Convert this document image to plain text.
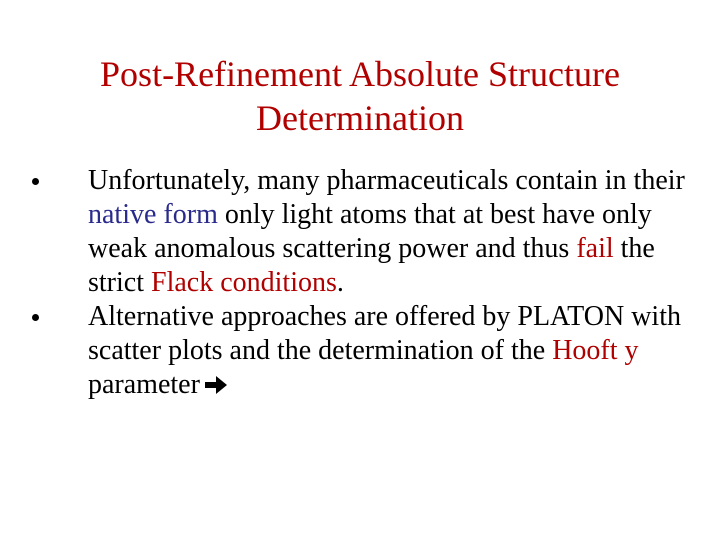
Post-Refinement Absolute Structure
Determination

Unfortunately, many pharmaceuticals contain in their native form only light atoms that at best have only weak anomalous scattering power and thus fail the strict Flack conditions.

Alternative approaches are offered by PLATON with scatter plots and the determination of the Hooft y parameter
